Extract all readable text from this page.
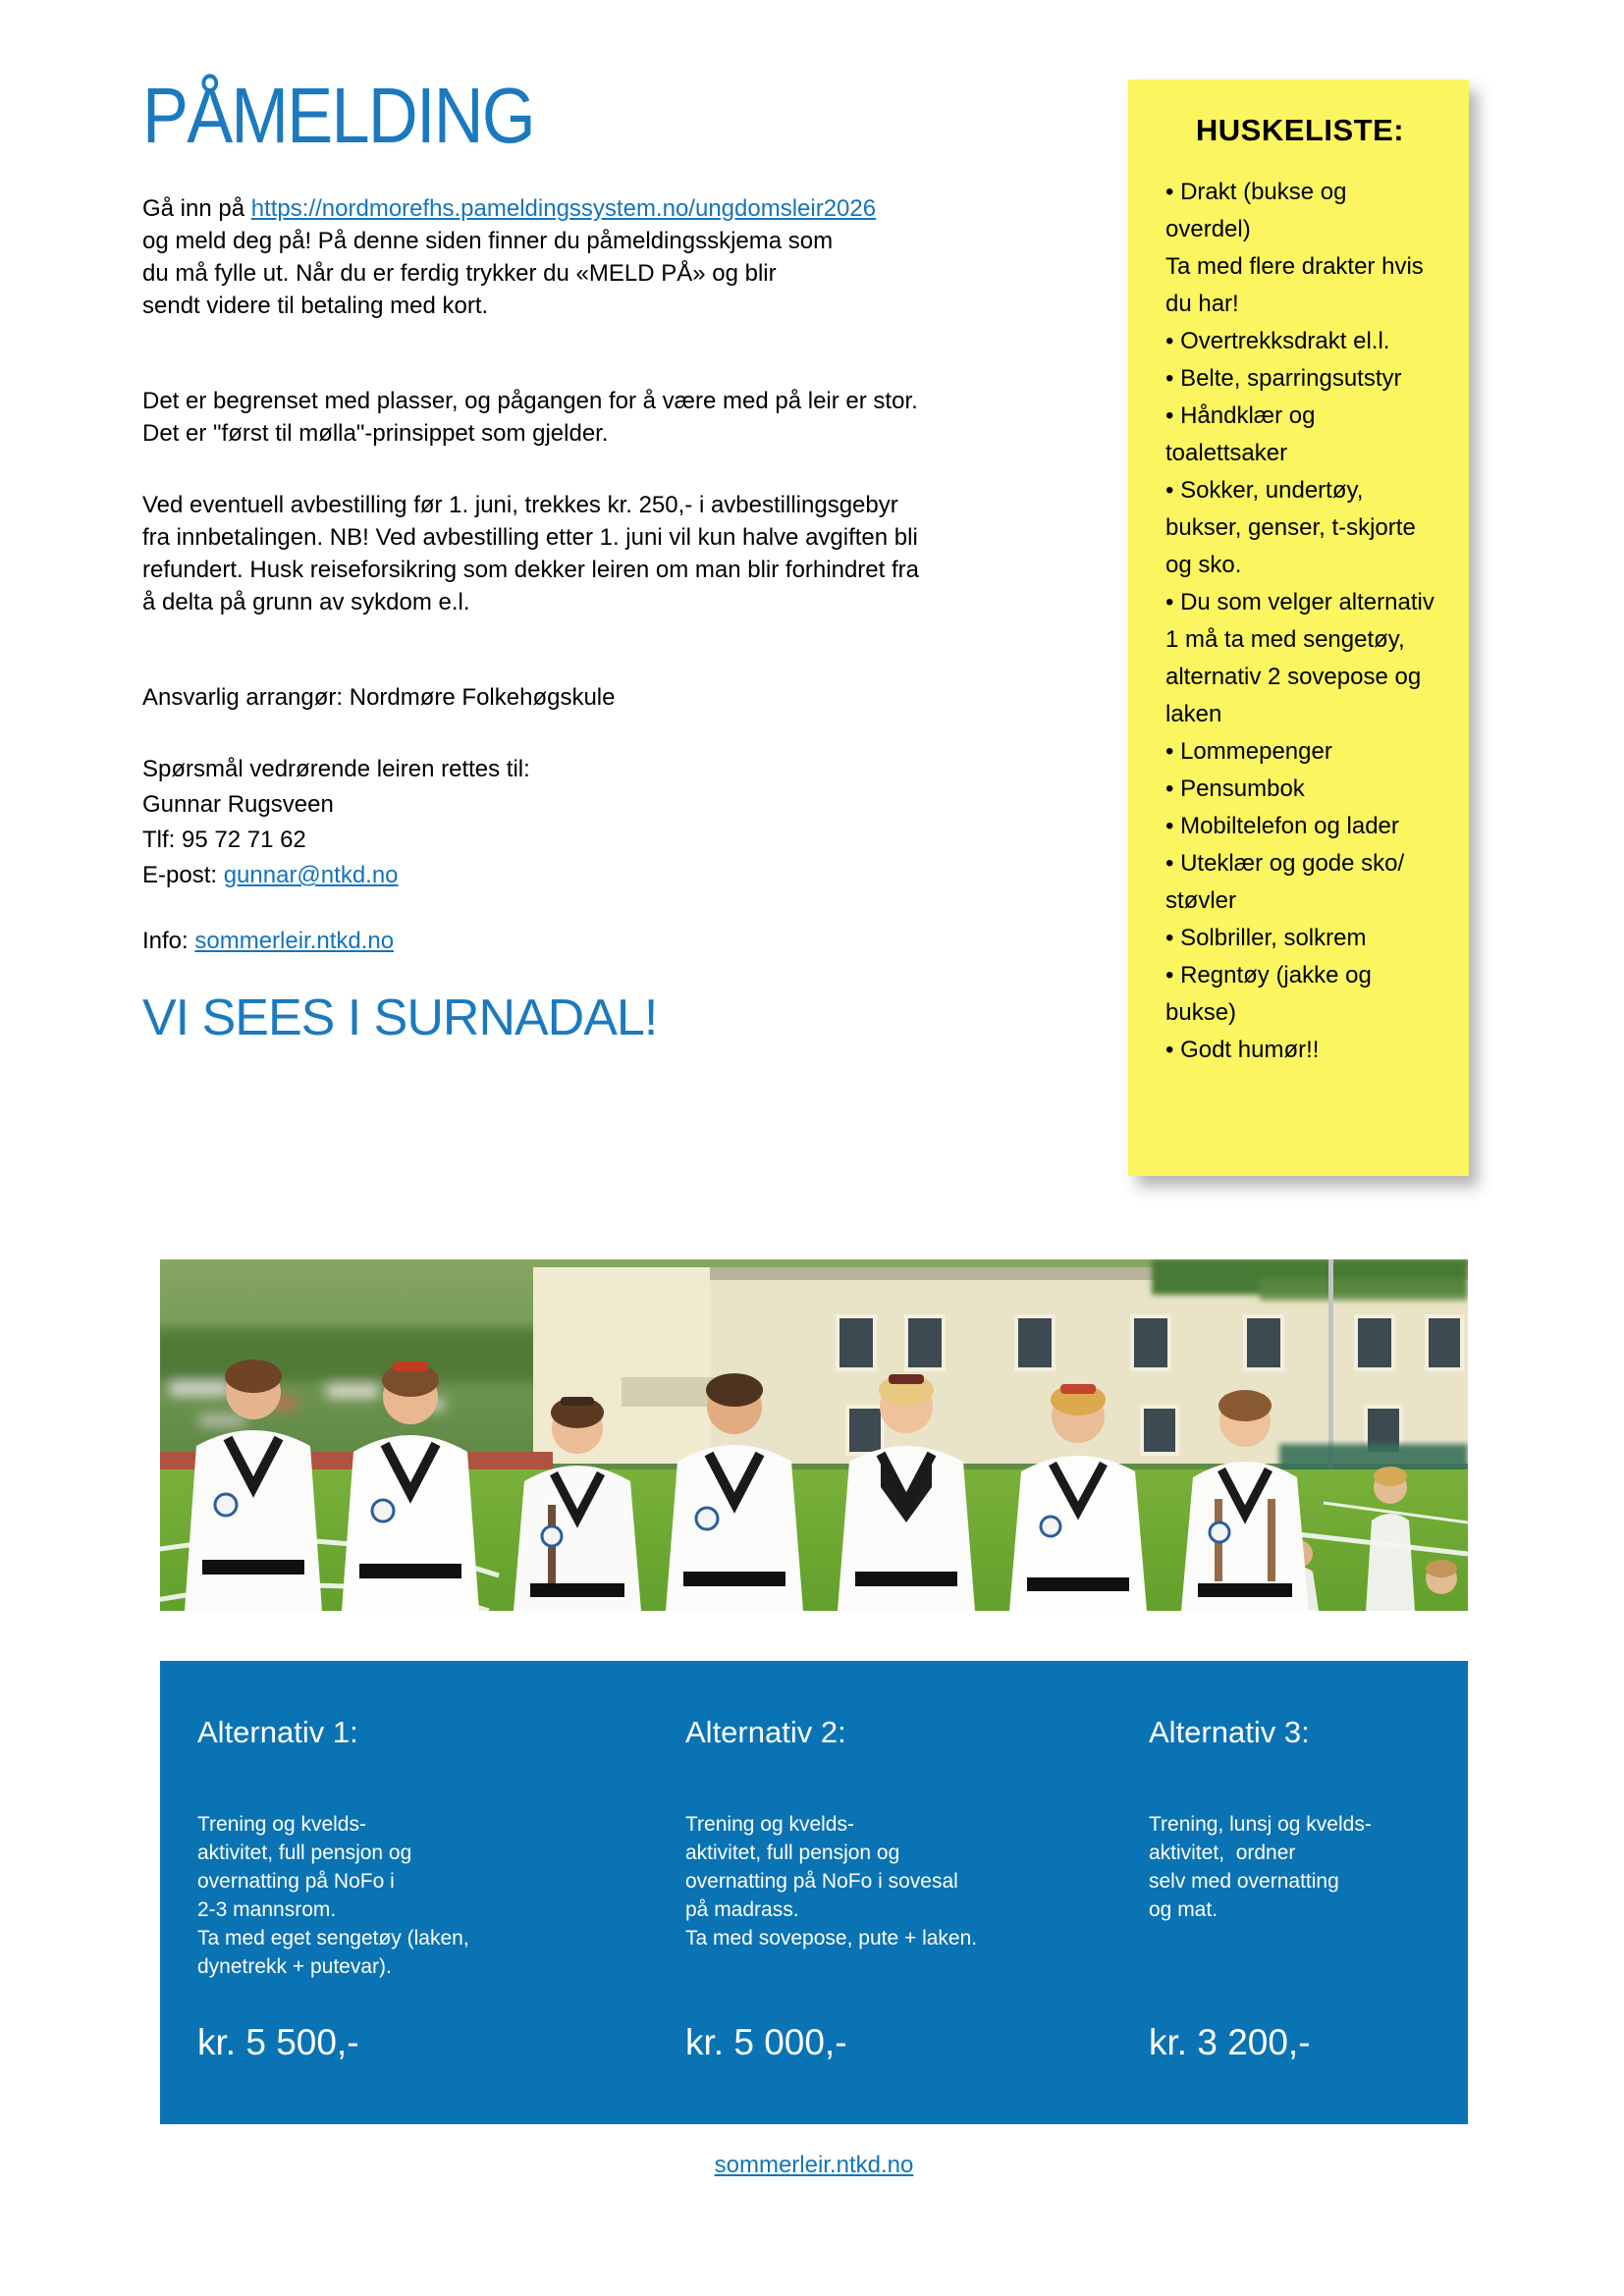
PÅMELDING
Gå inn på https://nordmorefhs.pameldingssystem.no/ungdomsleir2026
og meld deg på! På denne siden finner du påmeldingsskjema som
du må fylle ut. Når du er ferdig trykker du «MELD PÅ» og blir
sendt videre til betaling med kort.
Det er begrenset med plasser, og pågangen for å være med på leir er stor.
Det er "først til mølla"-prinsippet som gjelder.
Ved eventuell avbestilling før 1. juni, trekkes kr. 250,- i avbestillingsgebyr
fra innbetalingen. NB! Ved avbestilling etter 1. juni vil kun halve avgiften bli
refundert. Husk reiseforsikring som dekker leiren om man blir forhindret fra
å delta på grunn av sykdom e.l.
Ansvarlig arrangør: Nordmøre Folkehøgskule
Spørsmål vedrørende leiren rettes til:
Gunnar Rugsveen
Tlf: 95 72 71 62
E-post: gunnar@ntkd.no
Info: sommerleir.ntkd.no
VI SEES I SURNADAL!
HUSKELISTE:
• Drakt (bukse og overdel)
Ta med flere drakter hvis du har!
• Overtrekksdrakt el.l.
• Belte, sparringsutstyr
• Håndklær og toalettsaker
• Sokker, undertøy, bukser, genser, t-skjorte og sko.
• Du som velger alternativ 1 må ta med sengetøy, alternativ 2 sovepose og laken
• Lommepenger
• Pensumbok
• Mobiltelefon og lader
• Uteklær og gode sko/ støvler
• Solbriller, solkrem
• Regntøy (jakke og bukse)
• Godt humør!!
Alternativ 1:
Trening og kvelds-
aktivitet, full pensjon og
overnatting på NoFo i
2-3 mannsrom.
Ta med eget sengetøy (laken,
dynetrekk + putevar).
kr. 5 500,-
Alternativ 2:
Trening og kvelds-
aktivitet, full pensjon og
overnatting på NoFo i sovesal
på madrass.
Ta med sovepose, pute + laken.
kr. 5 000,-
Alternativ 3:
Trening, lunsj og kvelds-
aktivitet,  ordner
selv med overnatting
og mat.
kr. 3 200,-
sommerleir.ntkd.no
